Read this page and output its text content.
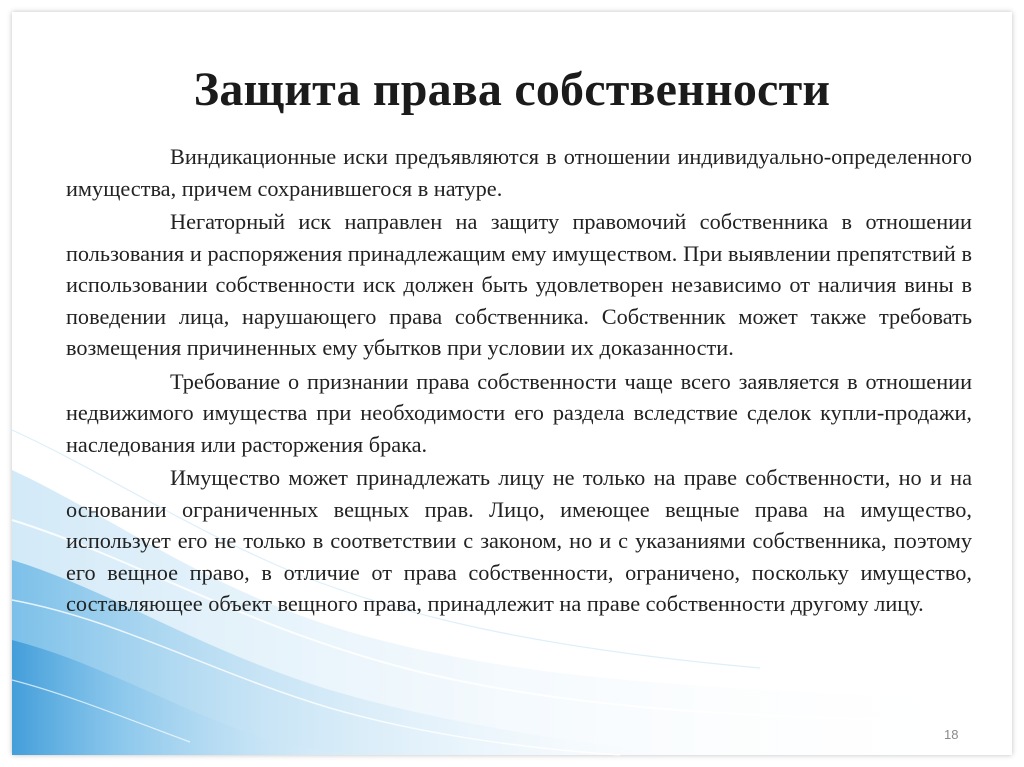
Защита права собственности

Виндикационные иски предъявляются в отношении индивидуально-определенного имущества, причем сохранившегося в натуре.

Негаторный иск направлен на защиту правомочий собственника в отношении пользования и распоряжения принадлежащим ему имуществом. При выявлении препятствий в использовании собственности иск должен быть удовлетворен независимо от наличия вины в поведении лица, нарушающего права собственника. Собственник может также требовать возмещения причиненных ему убытков при условии их доказанности.

Требование о признании права собственности чаще всего заявляется в отношении недвижимого имущества при необходимости его раздела вследствие сделок купли-продажи, наследования или расторжения брака.

Имущество может принадлежать лицу не только на праве собственности, но и на основании ограниченных вещных прав. Лицо, имеющее вещные права на имущество, использует его не только в соответствии с законом, но и с указаниями собственника, поэтому его вещное право, в отличие от права собственности, ограничено, поскольку имущество, составляющее объект вещного права, принадлежит на праве собственности другому лицу.

18
